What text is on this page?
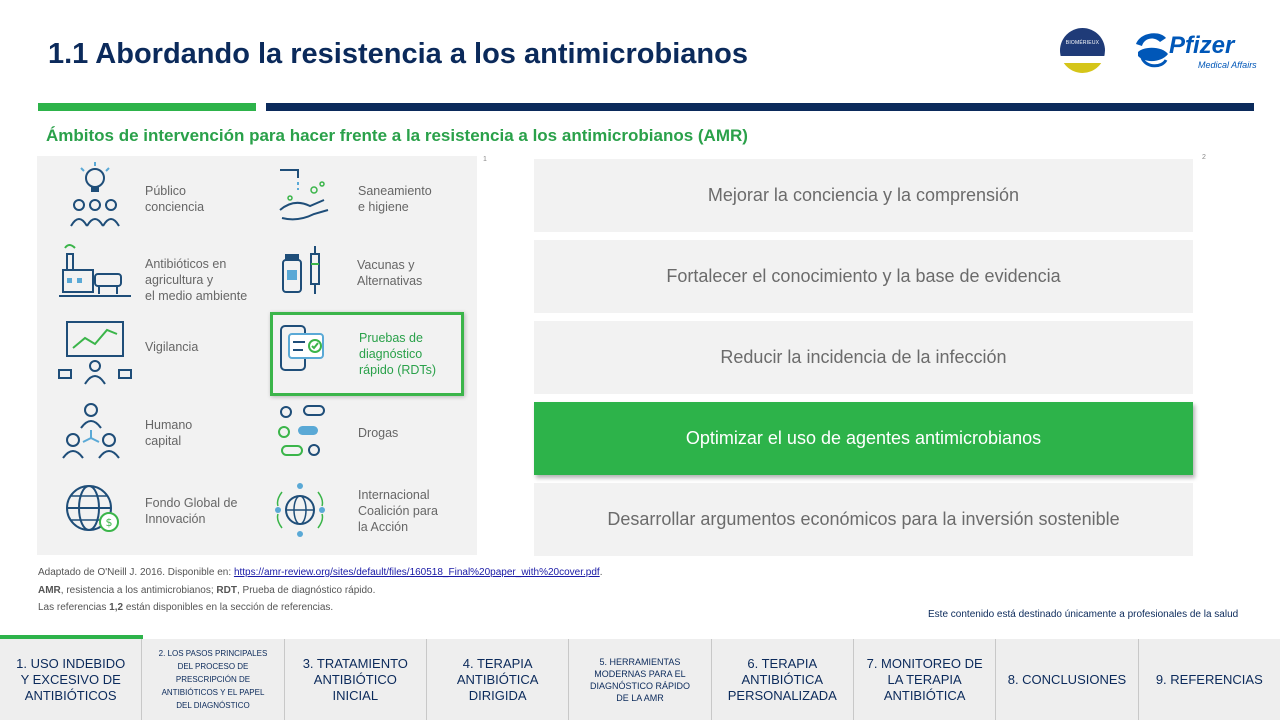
1.1 Abordando la resistencia a los antimicrobianos	BIOMÉRIEUX	Pfizer
Medical Affairs
Ámbitos de intervención para hacer frente a la resistencia a los antimicrobianos (AMR)
1	2
Público
conciencia
Antibióticos en
agricultura y
el medio ambiente
Vigilancia
Humano
capital
$
Fondo Global de
Innovación
Saneamiento
e higiene
Vacunas y
Alternativas
Pruebas de
diagnóstico
rápido (RDTs)
Drogas
Internacional
Coalición para
la Acción
Mejorar la conciencia y la comprensión
Fortalecer el conocimiento y la base de evidencia
Reducir la incidencia de la infección
Optimizar el uso de agentes antimicrobianos
Desarrollar argumentos económicos para la inversión sostenible
Adaptado de O'Neill J. 2016. Disponible en: https://amr-review.org/sites/default/files/160518_Final%20paper_with%20cover.pdf.
AMR, resistencia a los antimicrobianos; RDT, Prueba de diagnóstico rápido.
Las referencias 1,2 están disponibles en la sección de referencias.
Este contenido está destinado únicamente a profesionales de la salud
1. USO INDEBIDO
Y EXCESIVO DE
ANTIBIÓTICOS
2. LOS PASOS PRINCIPALES
DEL PROCESO DE
PRESCRIPCIÓN DE
ANTIBIÓTICOS Y EL PAPEL
DEL DIAGNÓSTICO
3. TRATAMIENTO
ANTIBIÓTICO
INICIAL
4. TERAPIA
ANTIBIÓTICA
DIRIGIDA
5. HERRAMIENTAS
MODERNAS PARA EL
DIAGNÓSTICO RÁPIDO
DE LA AMR
6. TERAPIA
ANTIBIÓTICA
PERSONALIZADA
7. MONITOREO DE
LA TERAPIA
ANTIBIÓTICA
8. CONCLUSIONES	9. REFERENCIAS
